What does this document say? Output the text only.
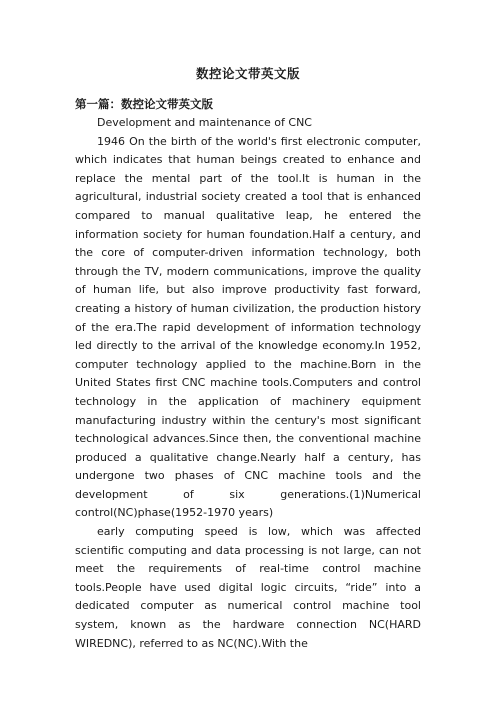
数控论文带英文版
第一篇：数控论文带英文版

Development and maintenance of CNC

1946 On the birth of the world's first electronic computer, which indicates that human beings created to enhance and replace the mental part of the tool.It is human in the agricultural, industrial society created a tool that is enhanced compared to manual qualitative leap, he entered the information society for human foundation.Half a century, and the core of computer-driven information technology, both through the TV, modern communications, improve the quality of human life, but also improve productivity fast forward, creating a history of human civilization, the production history of the era.The rapid development of information technology led directly to the arrival of the knowledge economy.In 1952, computer technology applied to the machine.Born in the United States first CNC machine tools.Computers and control technology in the application of machinery equipment manufacturing industry within the century's most significant technological advances.Since then, the conventional machine produced a qualitative change.Nearly half a century, has undergone two phases of CNC machine tools and the development of six generations.(1)Numerical control(NC)phase(1952-1970 years)

early computing speed is low, which was affected scientific computing and data processing is not large, can not meet the requirements of real-time control machine tools.People have used digital logic circuits, “ride” into a dedicated computer as numerical control machine tool system, known as the hardware connection NC(HARD WIREDNC), referred to as NC(NC).With the
